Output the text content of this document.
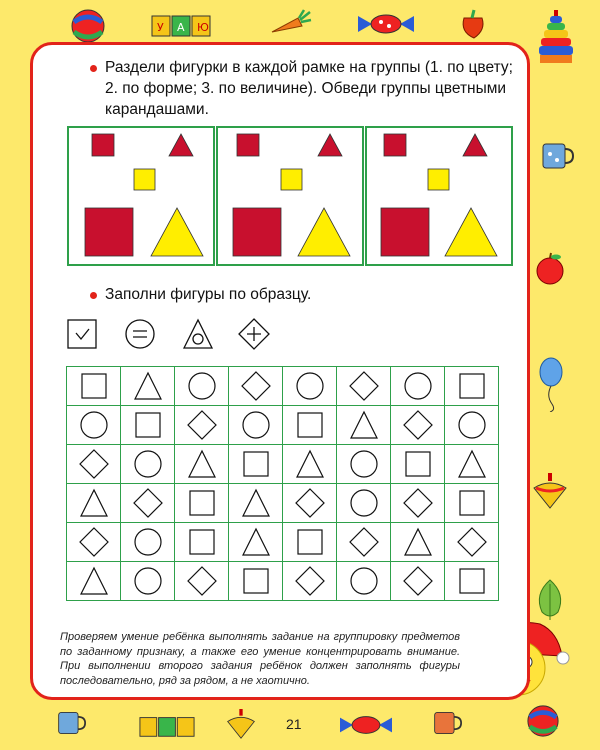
У А Ю
Раздели фигурки в каждой рамке на группы (1. по цвету; 2. по форме; 3. по величине). Обведи группы цветными карандашами.
Заполни фигуры по образцу.

Проверяем умение ребёнка выполнять задание на группировку предметов по заданному признаку, а также его умение концентрировать внимание. При выполнении второго задания ребёнок должен заполнять фигуры последовательно, ряд за рядом, а не хаотично.
21
